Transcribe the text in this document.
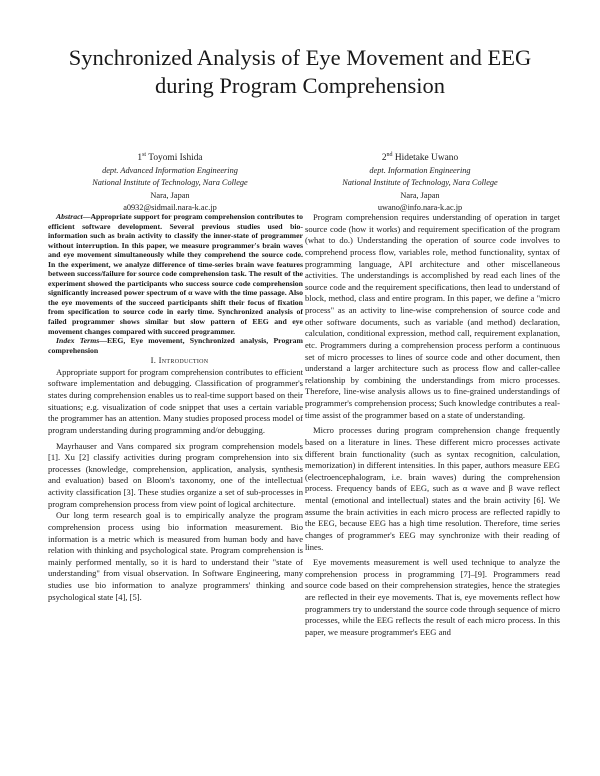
Synchronized Analysis of Eye Movement and EEG
during Program Comprehension
1st Toyomi Ishida
dept. Advanced Information Engineering
National Institute of Technology, Nara College
Nara, Japan
a0932@sidmail.nara-k.ac.jp
2nd Hidetake Uwano
dept. Information Engineering
National Institute of Technology, Nara College
Nara, Japan
uwano@info.nara-k.ac.jp

Abstract—Appropriate support for program comprehension contributes to efficient software development. Several previous studies used bio-information such as brain activity to classify the inner-state of programmer without interruption. In this paper, we measure programmer's brain waves and eye movement simultaneously while they comprehend the source code. In the experiment, we analyze difference of time-series brain wave features between success/failure for source code comprehension task. The result of the experiment showed the participants who success source code comprehension significantly increased power spectrum of α wave with the time passage. Also the eye movements of the succeed participants shift their focus of fixation from specification to source code in early time. Synchronized analysis of failed programmer shows similar but slow pattern of EEG and eye movement changes compared with succeed programmer.

Index Terms—EEG, Eye movement, Synchronized analysis, Program comprehension

I. Introduction

Appropriate support for program comprehension contributes to efficient software implementation and debugging. Classification of programmer's states during comprehension enables us to real-time support based on their situations; e.g. visualization of code snippet that uses a certain variable the programmer has an attention. Many studies proposed process model of program understanding during programming and/or debugging.

Mayrhauser and Vans compared six program comprehension models [1]. Xu [2] classify activities during program comprehension into six processes (knowledge, comprehension, application, analysis, synthesis and evaluation) based on Bloom's taxonomy, one of the intellectual activity classification [3]. These studies organize a set of sub-processes in program comprehension process from view point of logical architecture.

Our long term research goal is to empirically analyze the program comprehension process using bio information measurement. Bio information is a metric which is measured from human body and have relation with thinking and psychological state. Program comprehension is mainly performed mentally, so it is hard to understand their "state of understanding" from visual observation. In Software Engineering, many studies use bio information to analyze programmers' thinking and psychological state [4], [5].

Program comprehension requires understanding of operation in target source code (how it works) and requirement specification of the program (what to do.) Understanding the operation of source code involves to comprehend process flow, variables role, method functionality, syntax of programming language, API architecture and other miscellaneous activities. The understandings is accomplished by read each lines of the source code and the requirement specifications, then lead to understand of block, method, class and entire program. In this paper, we define a "micro process" as an activity to line-wise comprehension of source code and other software documents, such as variable (and method) declaration, calculation, conditional expression, method call, requirement explanation, etc. Programmers during a comprehension process perform a continuous set of micro processes to lines of source code and other document, then understand a larger architecture such as process flow and caller-callee relationship by combining the understandings from micro processes. Therefore, line-wise analysis allows us to fine-grained understandings of programmer's comprehension process; Such knowledge contributes a real-time assist of the programmer based on a state of understanding.

Micro processes during program comprehension change frequently based on a literature in lines. These different micro processes activate different brain functionality (such as syntax recognition, calculation, memorization) in different intensities. In this paper, authors measure EEG (electroencephalogram, i.e. brain waves) during the comprehension process. Frequency bands of EEG, such as α wave and β wave reflect mental (emotional and intellectual) states and the brain activity [6]. We assume the brain activities in each micro process are reflected rapidly to the EEG, because EEG has a high time resolution. Therefore, time series changes of programmer's EEG may synchronize with their reading of lines.

Eye movements measurement is well used technique to analyze the comprehension process in programming [7]–[9]. Programmers read source code based on their comprehension strategies, hence the strategies are reflected in their eye movements. That is, eye movements reflect how programmers try to understand the source code through sequence of micro processes, while the EEG reflects the result of each micro process. In this paper, we measure programmer's EEG and
